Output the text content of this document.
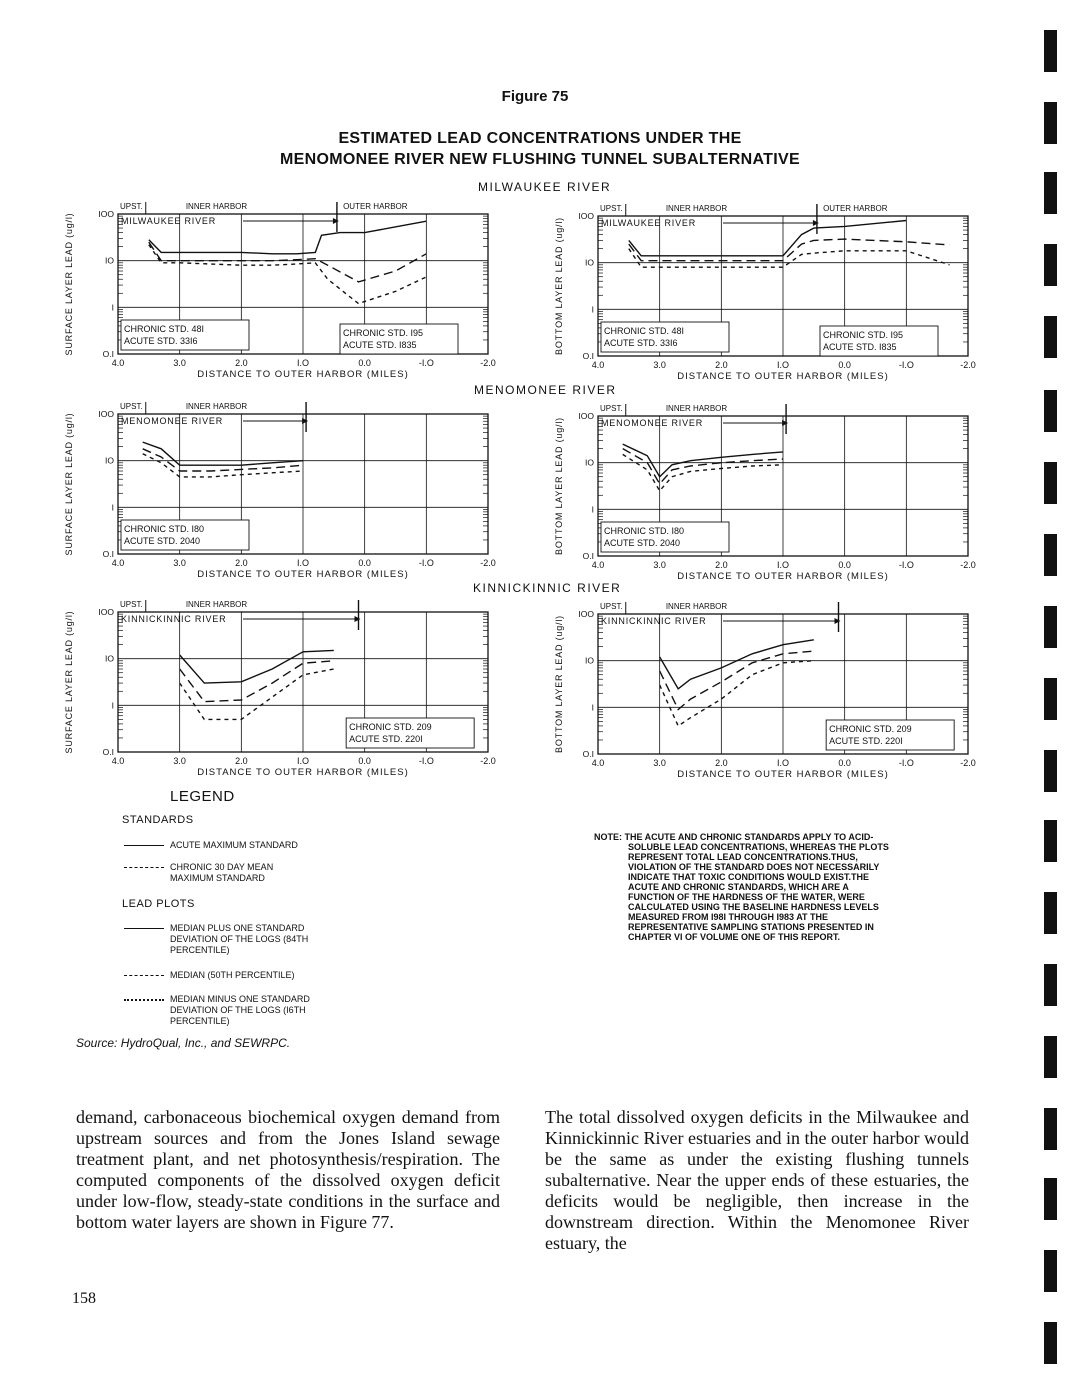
Figure 75
ESTIMATED LEAD CONCENTRATIONS UNDER THE
MENOMONEE RIVER NEW FLUSHING TUNNEL SUBALTERNATIVE
MILWAUKEE RIVER
MENOMONEE RIVER
KINNICKINNIC RIVER
IOO
IO
I
O.I
4.0	3.0	2.0	I.O	0.0	-I.O	-2.0
DISTANCE TO OUTER HARBOR (MILES)
SURFACE LAYER LEAD (ug/l)
UPST.	INNER HARBOR	OUTER HARBOR
MILWAUKEE RIVER
CHRONIC STD. 48I
ACUTE STD. 33I6
CHRONIC STD. I95
ACUTE STD. I835
IOO
IO
I
O.I
4.0	3.0	2.0	I.O	0.0	-I.O	-2.0
DISTANCE TO OUTER HARBOR (MILES)
BOTTOM LAYER LEAD (ug/l)
UPST.	INNER HARBOR	OUTER HARBOR
MILWAUKEE RIVER
CHRONIC STD. 48I
ACUTE STD. 33I6
CHRONIC STD. I95
ACUTE STD. I835
IOO
IO
I
O.I
4.0	3.0	2.0	I.O	0.0	-I.O	-2.0
DISTANCE TO OUTER HARBOR (MILES)
SURFACE LAYER LEAD (ug/l)
UPST.	INNER HARBOR
MENOMONEE RIVER
CHRONIC STD. I80
ACUTE STD. 2040
IOO
IO
I
O.I
4.0	3.0	2.0	I.O	0.0	-I.O	-2.0
DISTANCE TO OUTER HARBOR (MILES)
BOTTOM LAYER LEAD (ug/l)
UPST.	INNER HARBOR
MENOMONEE RIVER
CHRONIC STD. I80
ACUTE STD. 2040
IOO
IO
I
O.I
4.0	3.0	2.0	I.O	0.0	-I.O	-2.0
DISTANCE TO OUTER HARBOR (MILES)
SURFACE LAYER LEAD (ug/l)
UPST.	INNER HARBOR
KINNICKINNIC RIVER
CHRONIC STD. 209
ACUTE STD. 220I
IOO
IO
I
O.I
4.0	3.0	2.0	I.O	0.0	-I.O	-2.0
DISTANCE TO OUTER HARBOR (MILES)
BOTTOM LAYER LEAD (ug/l)
UPST.	INNER HARBOR
KINNICKINNIC RIVER
CHRONIC STD. 209
ACUTE STD. 220I
LEGEND
STANDARDS
ACUTE MAXIMUM STANDARD
CHRONIC 30 DAY MEAN MAXIMUM STANDARD
LEAD PLOTS
MEDIAN PLUS ONE STANDARD DEVIATION OF THE LOGS (84TH PERCENTILE)
MEDIAN (50TH PERCENTILE)
MEDIAN MINUS ONE STANDARD DEVIATION OF THE LOGS (I6TH PERCENTILE)
Source: HydroQual, Inc., and SEWRPC.
NOTE: THE ACUTE AND CHRONIC STANDARDS APPLY TO ACID-SOLUBLE LEAD CONCENTRATIONS, WHEREAS THE PLOTS REPRESENT TOTAL LEAD CONCENTRATIONS.THUS, VIOLATION OF THE STANDARD DOES NOT NECESSARILY INDICATE THAT TOXIC CONDITIONS WOULD EXIST.THE ACUTE AND CHRONIC STANDARDS, WHICH ARE A FUNCTION OF THE HARDNESS OF THE WATER, WERE CALCULATED USING THE BASELINE HARDNESS LEVELS MEASURED FROM I98I THROUGH I983 AT THE REPRESENTATIVE SAMPLING STATIONS PRESENTED IN CHAPTER VI OF VOLUME ONE OF THIS REPORT.
demand, carbonaceous biochemical oxygen demand from upstream sources and from the Jones Island sewage treatment plant, and net photosynthesis/respiration. The computed components of the dissolved oxygen deficit under low-flow, steady-state conditions in the surface and bottom water layers are shown in Figure 77.
The total dissolved oxygen deficits in the Milwaukee and Kinnickinnic River estuaries and in the outer harbor would be the same as under the existing flushing tunnels subalternative. Near the upper ends of these estuaries, the deficits would be negligible, then increase in the downstream direction. Within the Menomonee River estuary, the
158
